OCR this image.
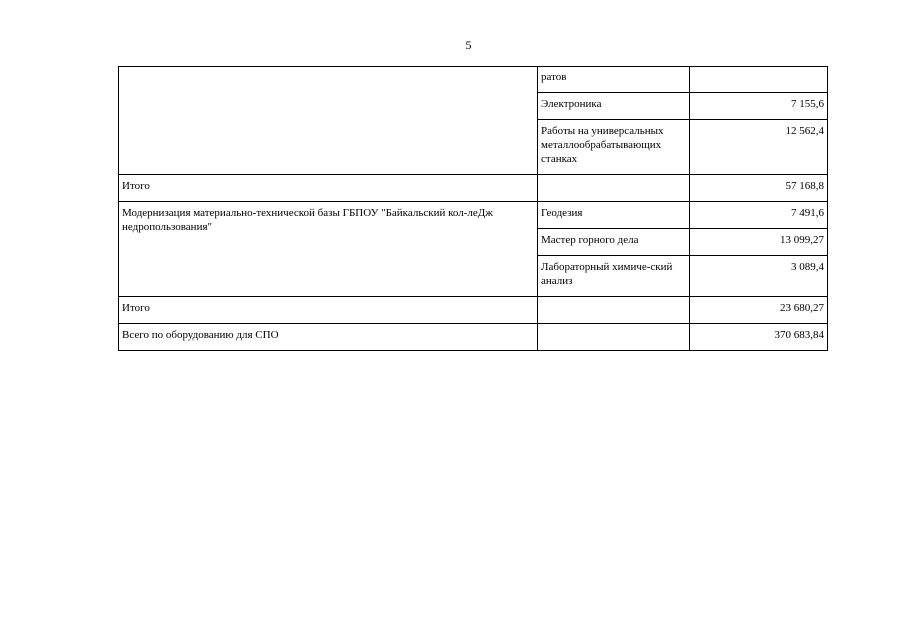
5
	ратов	
	Электроника	7 155,6
	Работы на универсальных металлообрабатывающих станках	12 562,4
Итого		57 168,8
Модернизация материально-технической базы ГБПОУ "Байкальский кол-леДж недропользования"	Геодезия	7 491,6
	Мастер горного дела	13 099,27
	Лабораторный химиче-ский анализ	3 089,4
Итого		23 680,27
Всего по оборудованию для СПО		370 683,84
